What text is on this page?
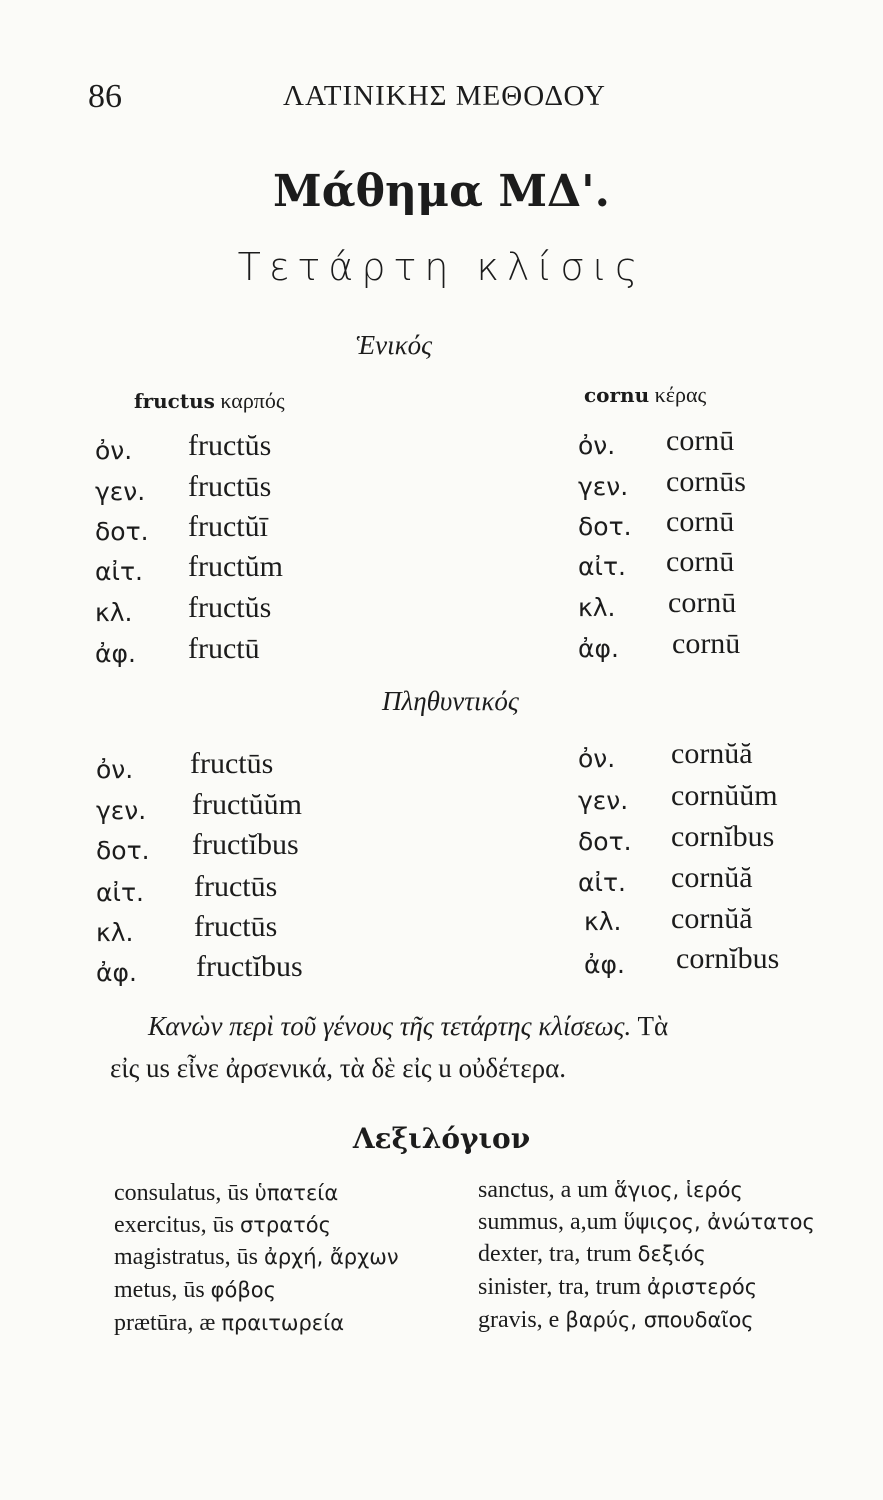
86	ΛΑΤΙΝΙΚΗΣ ΜΕΘΟΔΟΥ
Μάθημα ΜΔ'.
Τετάρτη κλίσις
Ἑνικός
fructus καρπός	cornu κέρας
ὀν. fructŭs	ὀν. cornū
γεν. fructūs	γεν. cornūs
δοτ. fructŭī	δοτ. cornū
αἰτ. fructŭm	αἰτ. cornū
κλ. fructŭs	κλ. cornū
ἀφ. fructū	ἀφ. cornū
Πληθυντικός
ὀν. fructūs	ὀν. cornŭă
γεν. fructŭŭm	γεν. cornŭŭm
δοτ. fructĭbus	δοτ. cornĭbus
αἰτ. fructūs	αἰτ. cornŭă
κλ. fructūs	κλ. cornŭă
ἀφ. fructĭbus	ἀφ. cornĭbus
Κανὼν περὶ τοῦ γένους τῆς τετάρτης κλίσεως. Τὰ
εἰς us εἶνε ἀρσενικά, τὰ δὲ εἰς u οὐδέτερα.
Λεξιλόγιον
consulatus, ūs ὑπατεία
exercitus, ūs στρατός
magistratus, ūs ἀρχή, ἄρχων
metus, ūs φόβος
prætūra, æ πραιτωρεία
sanctus, a um ἅγιος, ἱερός
summus, a,um ὕψιςος, ἀνώτατος
dexter, tra, trum δεξιός
sinister, tra, trum ἀριστερός
gravis, e βαρύς, σπουδαῖος
